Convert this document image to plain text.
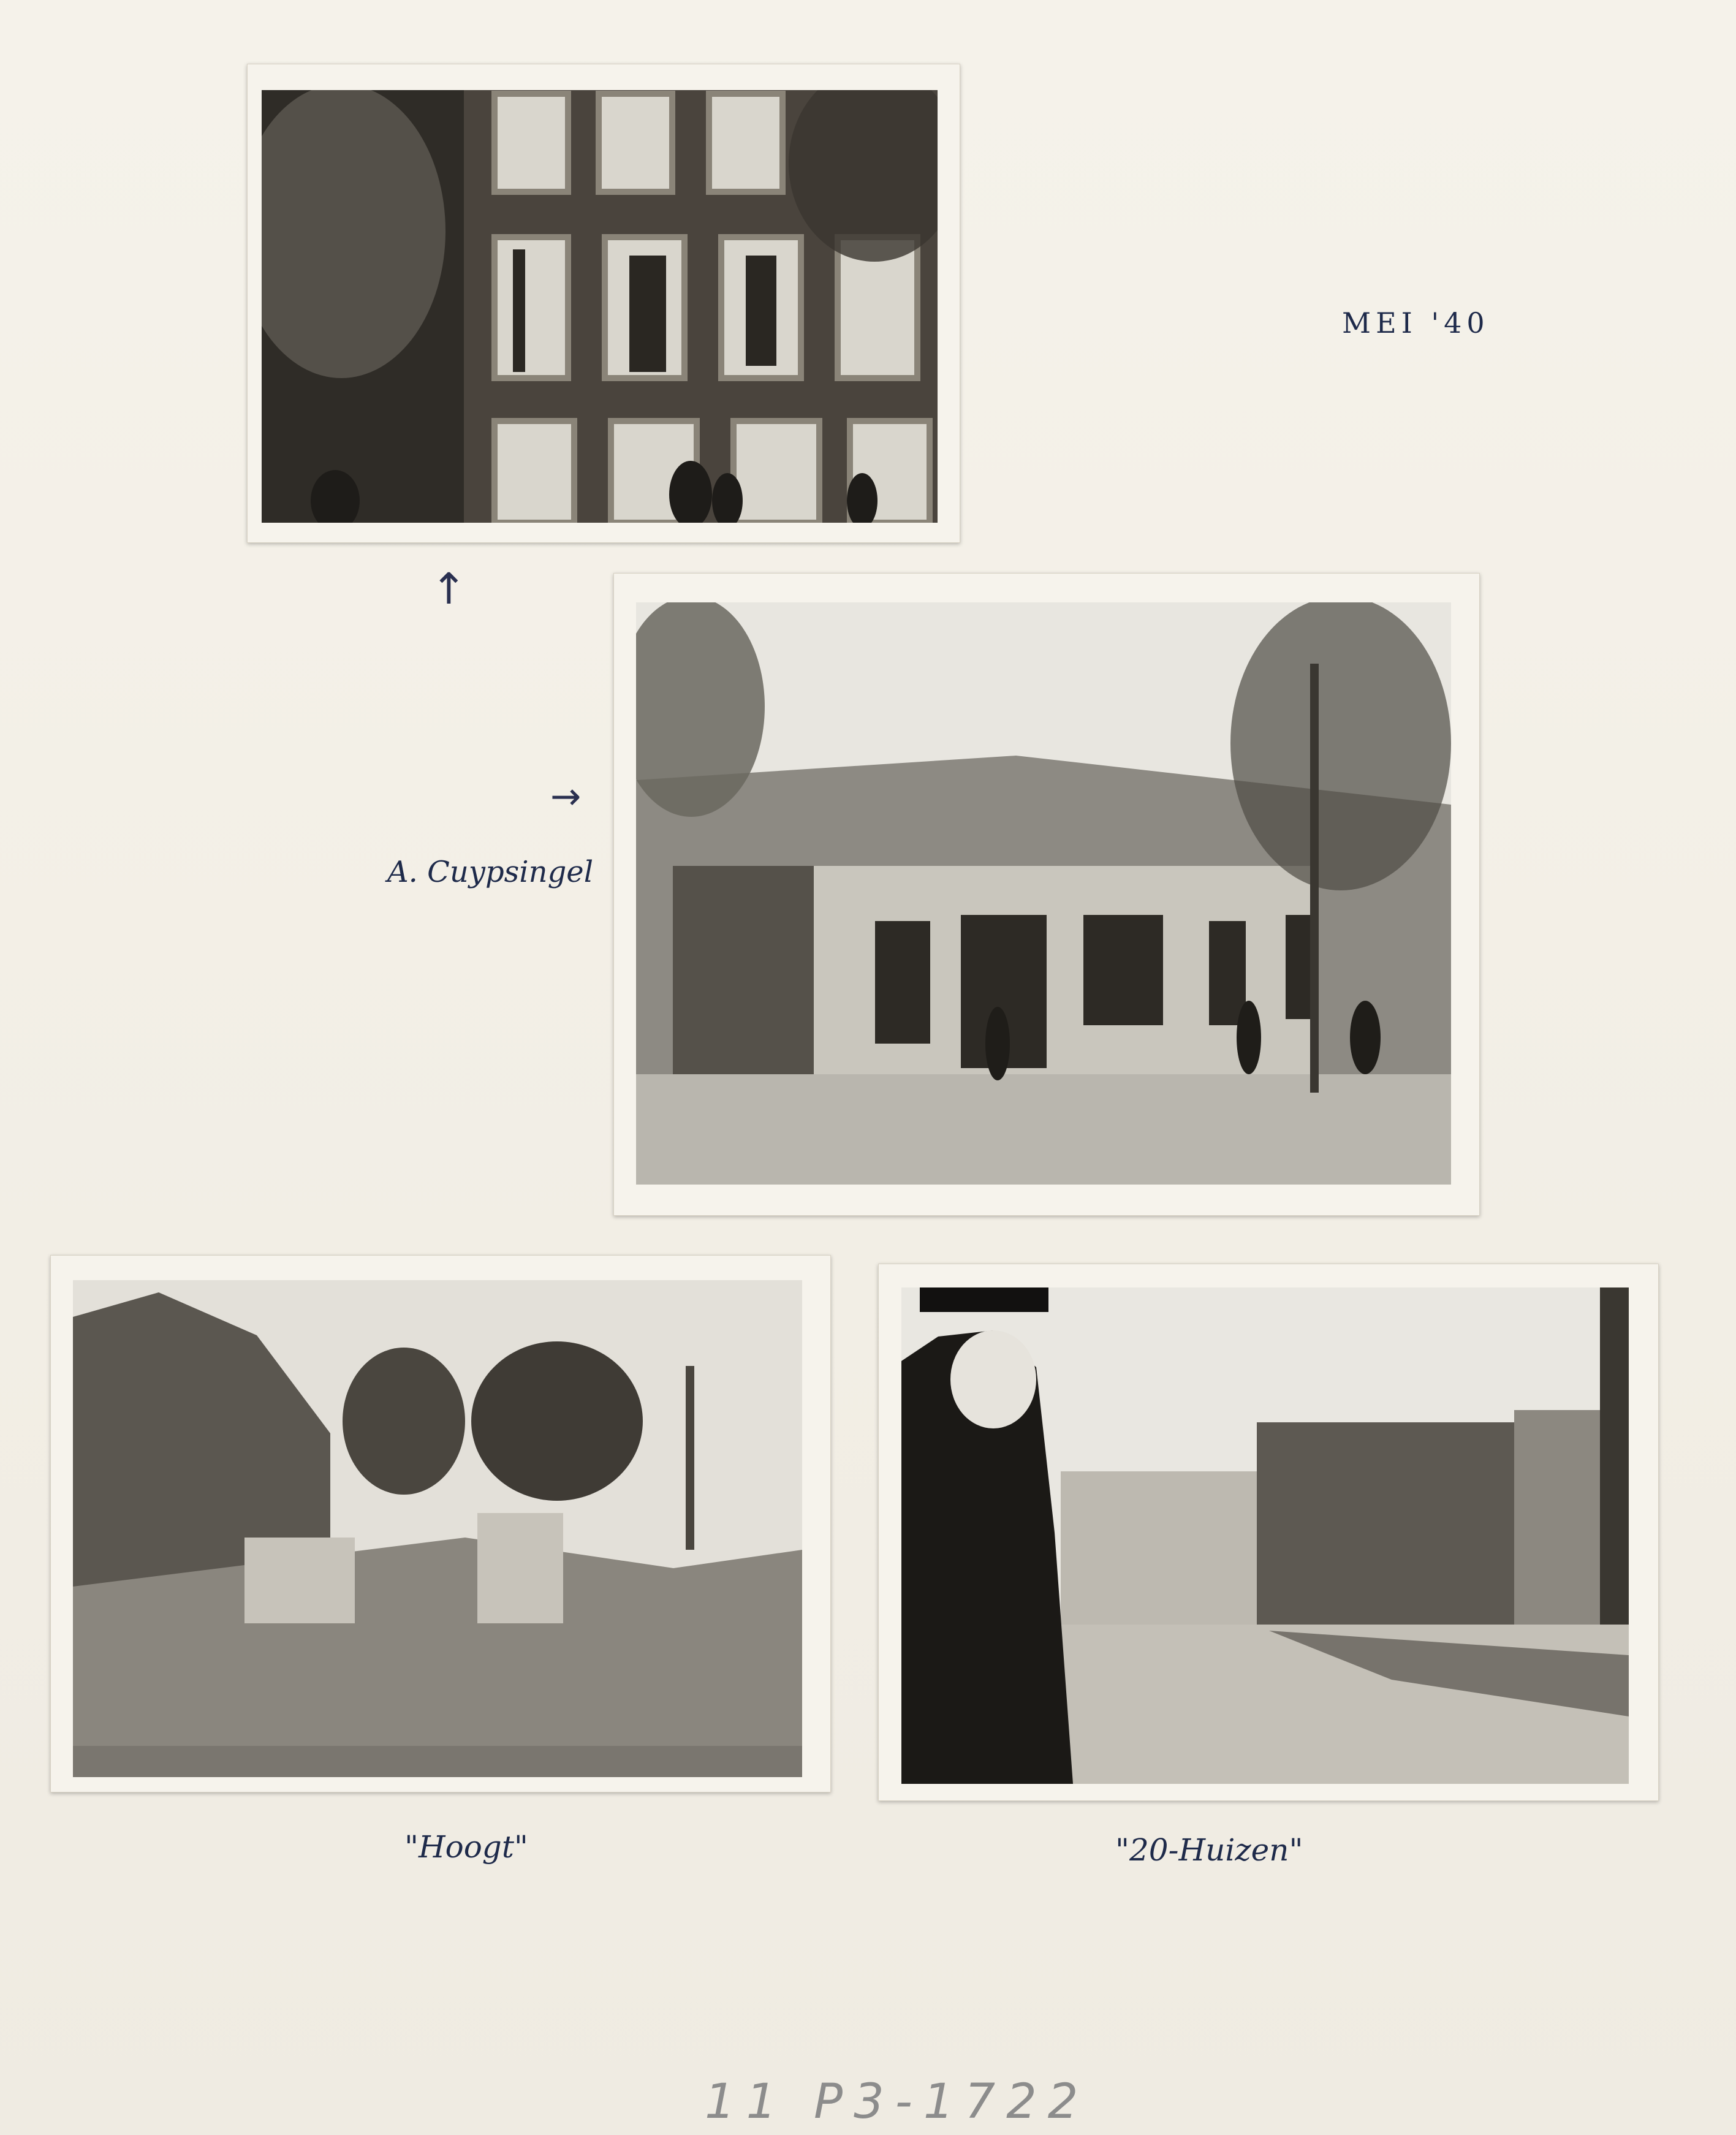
MEI '40
↑
→
A. Cuypsingel
"Hoogt"	"20-Huizen"
11 P3-1722
